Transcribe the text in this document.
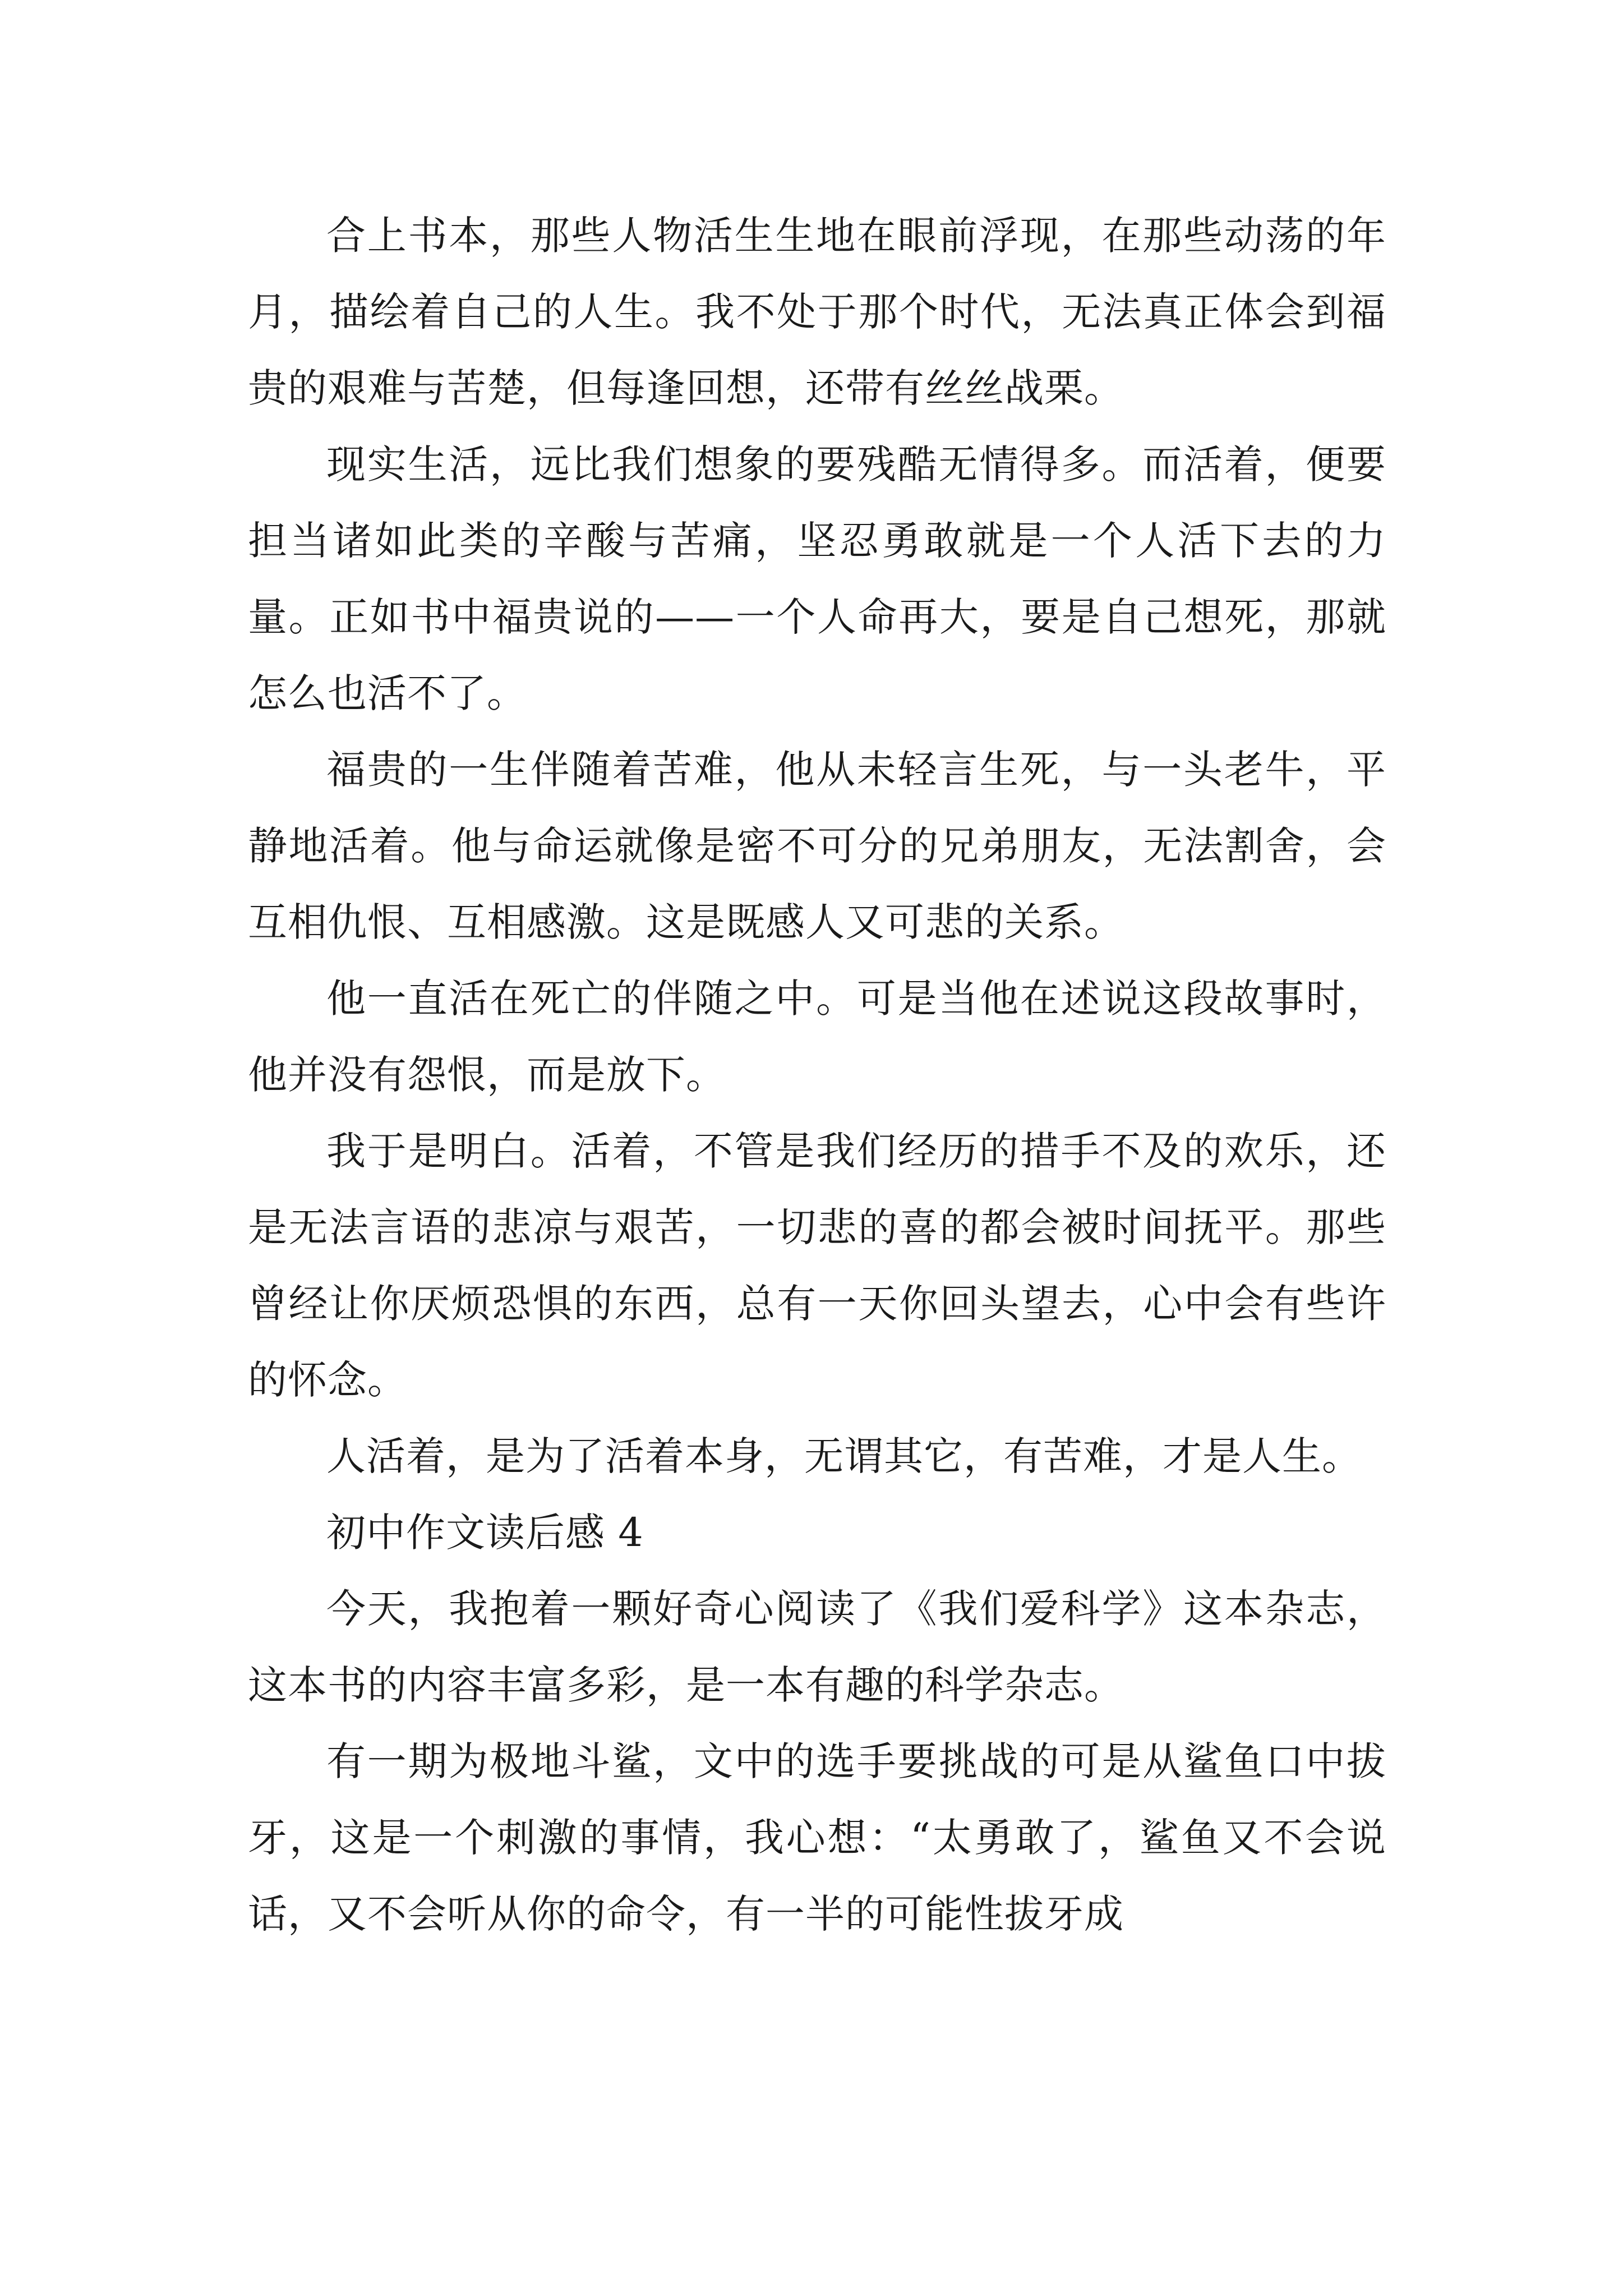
合上书本，那些人物活生生地在眼前浮现，在那些动荡的年月，描绘着自己的人生。我不处于那个时代，无法真正体会到福贵的艰难与苦楚，但每逢回想，还带有丝丝战栗。

现实生活，远比我们想象的要残酷无情得多。而活着，便要担当诸如此类的辛酸与苦痛，坚忍勇敢就是一个人活下去的力量。正如书中福贵说的——一个人命再大，要是自己想死，那就怎么也活不了。

福贵的一生伴随着苦难，他从未轻言生死，与一头老牛，平静地活着。他与命运就像是密不可分的兄弟朋友，无法割舍，会互相仇恨、互相感激。这是既感人又可悲的关系。

他一直活在死亡的伴随之中。可是当他在述说这段故事时，他并没有怨恨，而是放下。

我于是明白。活着，不管是我们经历的措手不及的欢乐，还是无法言语的悲凉与艰苦，一切悲的喜的都会被时间抚平。那些曾经让你厌烦恐惧的东西，总有一天你回头望去，心中会有些许的怀念。

人活着，是为了活着本身，无谓其它，有苦难，才是人生。

初中作文读后感 4

今天，我抱着一颗好奇心阅读了《我们爱科学》这本杂志，这本书的内容丰富多彩，是一本有趣的科学杂志。

有一期为极地斗鲨，文中的选手要挑战的可是从鲨鱼口中拔牙，这是一个刺激的事情，我心想：“太勇敢了，鲨鱼又不会说话，又不会听从你的命令，有一半的可能性拔牙成
